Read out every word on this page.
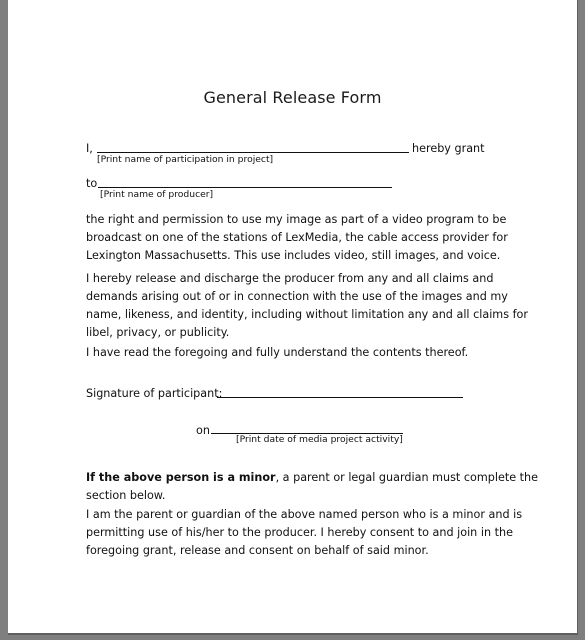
General Release Form
I,	hereby grant
[Print name of participation in project]
to
[Print name of producer]
the right and permission to use my image as part of a video program to be
broadcast on one of the stations of LexMedia, the cable access provider for
Lexington Massachusetts. This use includes video, still images, and voice.
I hereby release and discharge the producer from any and all claims and
demands arising out of or in connection with the use of the images and my
name, likeness, and identity, including without limitation any and all claims for
libel, privacy, or publicity.
I have read the foregoing and fully understand the contents thereof.
Signature of participant:
on
[Print date of media project activity]
If the above person is a minor, a parent or legal guardian must complete the
section below.
I am the parent or guardian of the above named person who is a minor and is
permitting use of his/her to the producer. I hereby consent to and join in the
foregoing grant, release and consent on behalf of said minor.
